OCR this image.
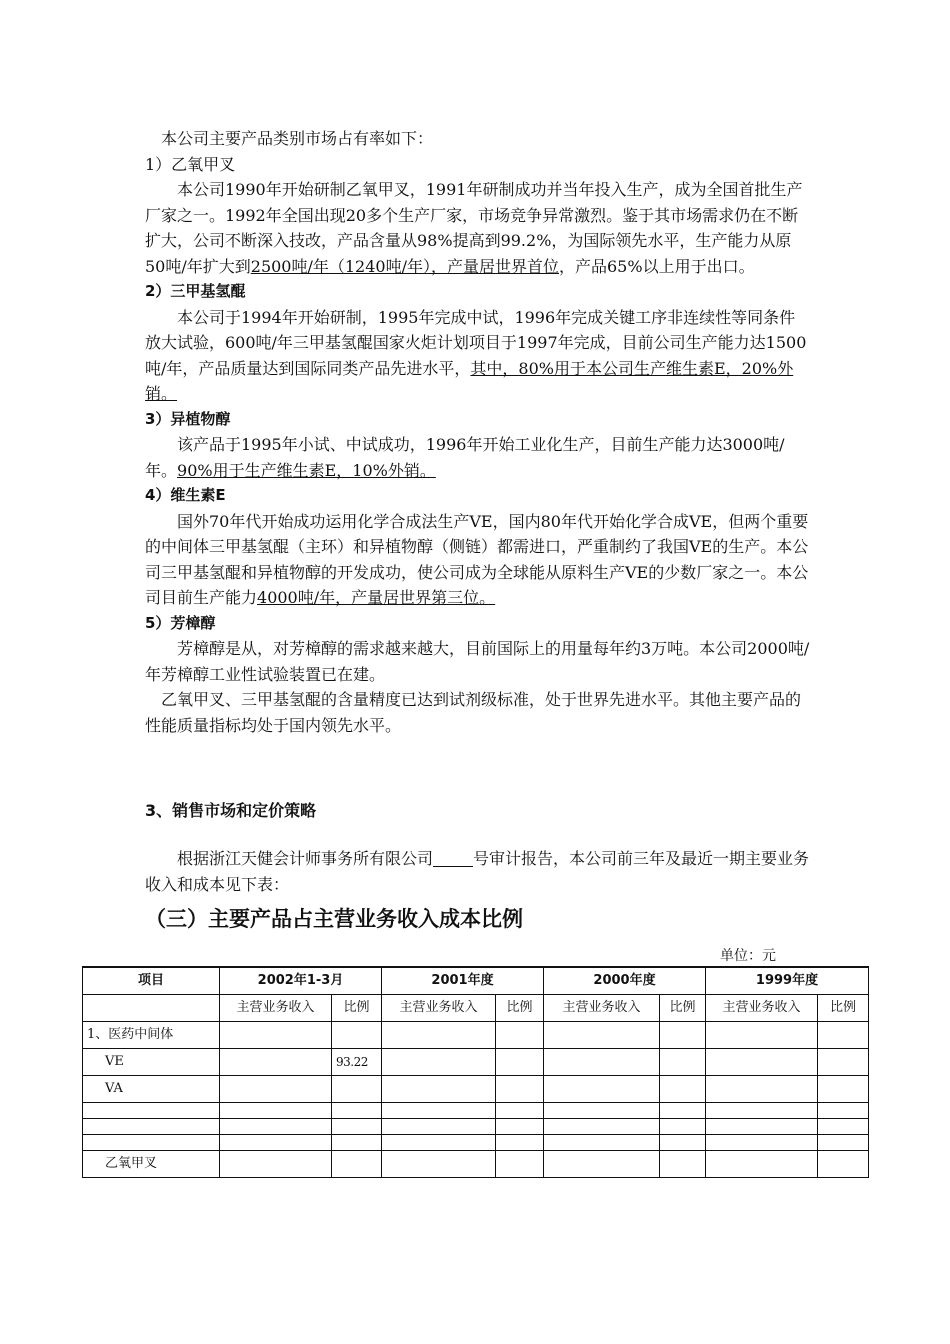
本公司主要产品类别市场占有率如下：

1）乙氧甲叉

本公司1990年开始研制乙氧甲叉，1991年研制成功并当年投入生产，成为全国首批生产厂家之一。1992年全国出现20多个生产厂家，市场竞争异常激烈。鉴于其市场需求仍在不断扩大，公司不断深入技改，产品含量从98%提高到99.2%，为国际领先水平，生产能力从原50吨/年扩大到2500吨/年（1240吨/年），产量居世界首位，产品65%以上用于出口。

2）三甲基氢醌

本公司于1994年开始研制，1995年完成中试，1996年完成关键工序非连续性等同条件放大试验，600吨/年三甲基氢醌国家火炬计划项目于1997年完成，目前公司生产能力达1500吨/年，产品质量达到国际同类产品先进水平，其中，80%用于本公司生产维生素E，20%外销。

3）异植物醇

该产品于1995年小试、中试成功，1996年开始工业化生产，目前生产能力达3000吨/年。90%用于生产维生素E，10%外销。

4）维生素E

国外70年代开始成功运用化学合成法生产VE，国内80年代开始化学合成VE，但两个重要的中间体三甲基氢醌（主环）和异植物醇（侧链）都需进口，严重制约了我国VE的生产。本公司三甲基氢醌和异植物醇的开发成功，使公司成为全球能从原料生产VE的少数厂家之一。本公司目前生产能力4000吨/年，产量居世界第三位。

5）芳樟醇

芳樟醇是从，对芳樟醇的需求越来越大，目前国际上的用量每年约3万吨。本公司2000吨/年芳樟醇工业性试验装置已在建。

乙氧甲叉、三甲基氢醌的含量精度已达到试剂级标准，处于世界先进水平。其他主要产品的性能质量指标均处于国内领先水平。

3、销售市场和定价策略

根据浙江天健会计师事务所有限公司	号审计报告，本公司前三年及最近一期主要业务收入和成本见下表：

（三）主要产品占主营业务收入成本比例
单位：元
项目	2002年1-3月		2001年度		2000年度		1999年度	
	主营业务收入	比例	主营业务收入	比例	主营业务收入	比例	主营业务收入	比例
1、医药中间体								
VE		93.22						
VA								

乙氧甲叉								
